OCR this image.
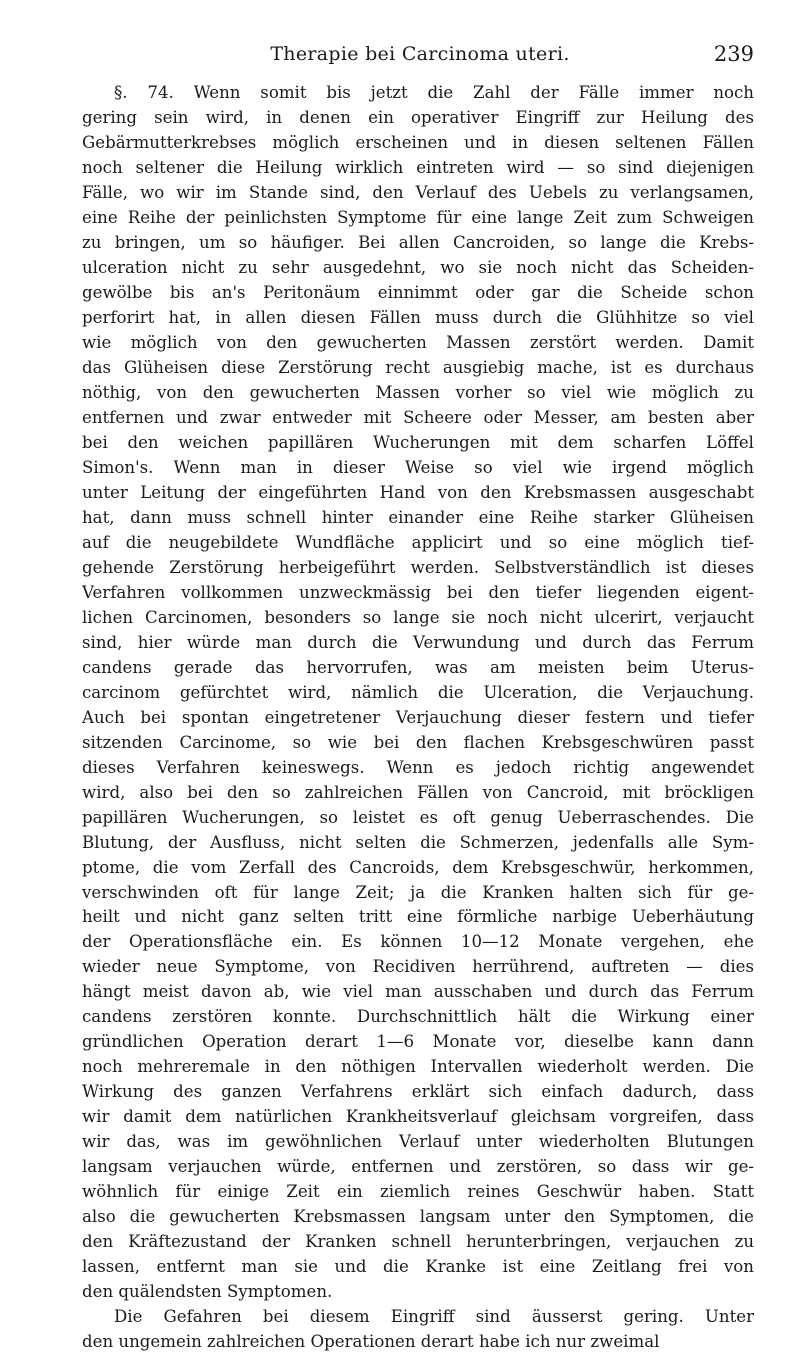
Therapie bei Carcinoma uteri.	239
§. 74. Wenn somit bis jetzt die Zahl der Fälle immer noch
gering sein wird, in denen ein operativer Eingriff zur Heilung des
Gebärmutterkrebses möglich erscheinen und in diesen seltenen Fällen
noch seltener die Heilung wirklich eintreten wird — so sind diejenigen
Fälle, wo wir im Stande sind, den Verlauf des Uebels zu verlangsamen,
eine Reihe der peinlichsten Symptome für eine lange Zeit zum Schweigen
zu bringen, um so häufiger. Bei allen Cancroiden, so lange die Krebs-
ulceration nicht zu sehr ausgedehnt, wo sie noch nicht das Scheiden-
gewölbe bis an's Peritonäum einnimmt oder gar die Scheide schon
perforirt hat, in allen diesen Fällen muss durch die Glühhitze so viel
wie möglich von den gewucherten Massen zerstört werden. Damit
das Glüheisen diese Zerstörung recht ausgiebig mache, ist es durchaus
nöthig, von den gewucherten Massen vorher so viel wie möglich zu
entfernen und zwar entweder mit Scheere oder Messer, am besten aber
bei den weichen papillären Wucherungen mit dem scharfen Löffel
Simon's. Wenn man in dieser Weise so viel wie irgend möglich
unter Leitung der eingeführten Hand von den Krebsmassen ausgeschabt
hat, dann muss schnell hinter einander eine Reihe starker Glüheisen
auf die neugebildete Wundfläche applicirt und so eine möglich tief-
gehende Zerstörung herbeigeführt werden. Selbstverständlich ist dieses
Verfahren vollkommen unzweckmässig bei den tiefer liegenden eigent-
lichen Carcinomen, besonders so lange sie noch nicht ulcerirt, verjaucht
sind, hier würde man durch die Verwundung und durch das Ferrum
candens gerade das hervorrufen, was am meisten beim Uterus-
carcinom gefürchtet wird, nämlich die Ulceration, die Verjauchung.
Auch bei spontan eingetretener Verjauchung dieser festern und tiefer
sitzenden Carcinome, so wie bei den flachen Krebsgeschwüren passt
dieses Verfahren keineswegs. Wenn es jedoch richtig angewendet
wird, also bei den so zahlreichen Fällen von Cancroid, mit bröckligen
papillären Wucherungen, so leistet es oft genug Ueberraschendes. Die
Blutung, der Ausfluss, nicht selten die Schmerzen, jedenfalls alle Sym-
ptome, die vom Zerfall des Cancroids, dem Krebsgeschwür, herkommen,
verschwinden oft für lange Zeit; ja die Kranken halten sich für ge-
heilt und nicht ganz selten tritt eine förmliche narbige Ueberhäutung
der Operationsfläche ein. Es können 10—12 Monate vergehen, ehe
wieder neue Symptome, von Recidiven herrührend, auftreten — dies
hängt meist davon ab, wie viel man ausschaben und durch das Ferrum
candens zerstören konnte. Durchschnittlich hält die Wirkung einer
gründlichen Operation derart 1—6 Monate vor, dieselbe kann dann
noch mehreremale in den nöthigen Intervallen wiederholt werden. Die
Wirkung des ganzen Verfahrens erklärt sich einfach dadurch, dass
wir damit dem natürlichen Krankheitsverlauf gleichsam vorgreifen, dass
wir das, was im gewöhnlichen Verlauf unter wiederholten Blutungen
langsam verjauchen würde, entfernen und zerstören, so dass wir ge-
wöhnlich für einige Zeit ein ziemlich reines Geschwür haben. Statt
also die gewucherten Krebsmassen langsam unter den Symptomen, die
den Kräftezustand der Kranken schnell herunterbringen, verjauchen zu
lassen, entfernt man sie und die Kranke ist eine Zeitlang frei von
den quälendsten Symptomen.
Die Gefahren bei diesem Eingriff sind äusserst gering. Unter
den ungemein zahlreichen Operationen derart habe ich nur zweimal
